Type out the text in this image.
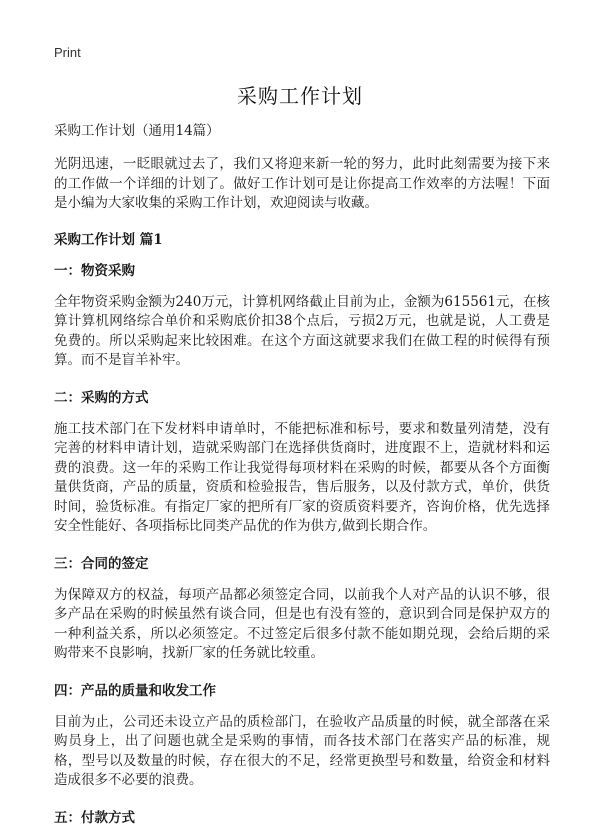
Print
采购工作计划

采购工作计划（通用14篇）

光阴迅速，一眨眼就过去了，我们又将迎来新一轮的努力，此时此刻需要为接下来的工作做一个详细的计划了。做好工作计划可是让你提高工作效率的方法喔！下面是小编为大家收集的采购工作计划，欢迎阅读与收藏。

采购工作计划 篇1

一：物资采购

全年物资采购金额为240万元，计算机网络截止目前为止，金额为615561元，在核算计算机网络综合单价和采购底价扣38个点后，亏损2万元，也就是说，人工费是免费的。所以采购起来比较困难。在这个方面这就要求我们在做工程的时候得有预算。而不是盲羊补牢。

二：采购的方式

施工技术部门在下发材料申请单时，不能把标准和标号，要求和数量列清楚，没有完善的材料申请计划，造就采购部门在选择供货商时，进度跟不上，造就材料和运费的浪费。这一年的采购工作让我觉得每项材料在采购的时候，都要从各个方面衡量供货商，产品的质量，资质和检验报告，售后服务，以及付款方式，单价，供货时间，验货标准。有指定厂家的把所有厂家的资质资料要齐，咨询价格，优先选择安全性能好、各项指标比同类产品优的作为供方,做到长期合作。

三：合同的签定

为保障双方的权益，每项产品都必须签定合同，以前我个人对产品的认识不够，很多产品在采购的时候虽然有谈合同，但是也有没有签的，意识到合同是保护双方的一种利益关系，所以必须签定。不过签定后很多付款不能如期兑现，会给后期的采购带来不良影响，找新厂家的任务就比较重。

四：产品的质量和收发工作

目前为止，公司还未设立产品的质检部门，在验收产品质量的时候，就全部落在采购员身上，出了问题也就全是采购的事情，而各技术部门在落实产品的标准，规格，型号以及数量的时候，存在很大的不足，经常更换型号和数量，给资金和材料造成很多不必要的浪费。

五：付款方式
